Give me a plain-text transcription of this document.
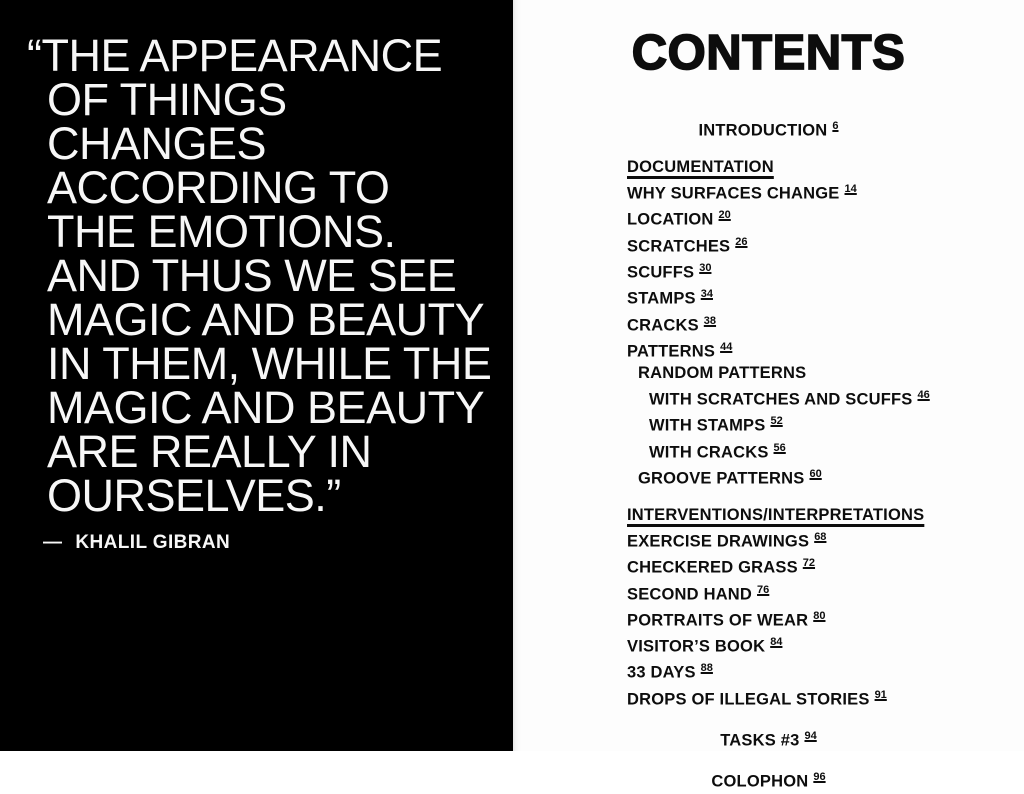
“THE APPEARANCE
OF THINGS
CHANGES
ACCORDING TO
THE EMOTIONS.
AND THUS WE SEE
MAGIC AND BEAUTY
IN THEM, WHILE THE
MAGIC AND BEAUTY
ARE REALLY IN
OURSELVES.”
— KHALIL GIBRAN
CONTENTS
INTRODUCTION $^6$
DOCUMENTATION
WHY SURFACES CHANGE $^{14}$
LOCATION $^{20}$
SCRATCHES $^{26}$
SCUFFS $^{30}$
STAMPS $^{34}$
CRACKS $^{38}$
PATTERNS $^{44}$
RANDOM PATTERNS
WITH SCRATCHES AND SCUFFS $^{46}$
WITH STAMPS $^{52}$
WITH CRACKS $^{56}$
GROOVE PATTERNS $^{60}$
INTERVENTIONS/INTERPRETATIONS
EXERCISE DRAWINGS $^{68}$
CHECKERED GRASS $^{72}$
SECOND HAND $^{76}$
PORTRAITS OF WEAR $^{80}$
VISITOR’S BOOK $^{84}$
33 DAYS $^{88}$
DROPS OF ILLEGAL STORIES $^{91}$
TASKS #3 $^{94}$
COLOPHON $^{96}$
